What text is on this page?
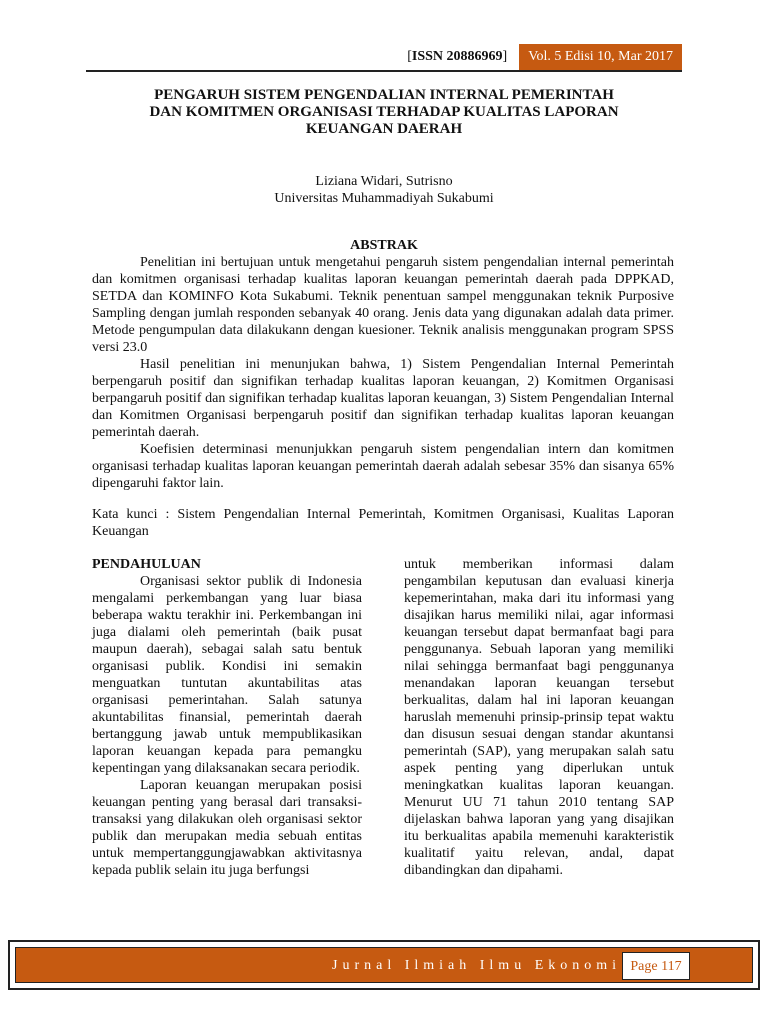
[ISSN 20886969]	Vol. 5 Edisi 10, Mar 2017
PENGARUH SISTEM PENGENDALIAN INTERNAL PEMERINTAH
DAN KOMITMEN ORGANISASI TERHADAP KUALITAS LAPORAN
KEUANGAN DAERAH
Liziana Widari, Sutrisno
Universitas Muhammadiyah Sukabumi
ABSTRAK

Penelitian ini bertujuan untuk mengetahui pengaruh sistem pengendalian internal pemerintah dan komitmen organisasi terhadap kualitas laporan keuangan pemerintah daerah pada DPPKAD, SETDA dan KOMINFO Kota Sukabumi. Teknik penentuan sampel menggunakan teknik Purposive Sampling dengan jumlah responden sebanyak 40 orang. Jenis data yang digunakan adalah data primer. Metode pengumpulan data dilakukann dengan kuesioner. Teknik analisis menggunakan program SPSS versi 23.0

Hasil penelitian ini menunjukan bahwa, 1) Sistem Pengendalian Internal Pemerintah berpengaruh positif dan signifikan terhadap kualitas laporan keuangan, 2) Komitmen Organisasi berpangaruh positif dan signifikan terhadap kualitas laporan keuangan, 3) Sistem Pengendalian Internal dan Komitmen Organisasi berpengaruh positif dan signifikan terhadap kualitas laporan keuangan pemerintah daerah.

Koefisien determinasi menunjukkan pengaruh sistem pengendalian intern dan komitmen organisasi terhadap kualitas laporan keuangan pemerintah daerah adalah sebesar 35% dan sisanya 65% dipengaruhi faktor lain.

Kata kunci : Sistem Pengendalian Internal Pemerintah, Komitmen Organisasi, Kualitas Laporan Keuangan

PENDAHULUAN

Organisasi sektor publik di Indonesia mengalami perkembangan yang luar biasa beberapa waktu terakhir ini. Perkembangan ini juga dialami oleh pemerintah (baik pusat maupun daerah), sebagai salah satu bentuk organisasi publik. Kondisi ini semakin menguatkan tuntutan akuntabilitas atas organisasi pemerintahan. Salah satunya akuntabilitas finansial, pemerintah daerah bertanggung jawab untuk mempublikasikan laporan keuangan kepada para pemangku kepentingan yang dilaksanakan secara periodik.

Laporan keuangan merupakan posisi keuangan penting yang berasal dari transaksi-transaksi yang dilakukan oleh organisasi sektor publik dan merupakan media sebuah entitas untuk mempertanggungjawabkan aktivitasnya kepada publik selain itu juga berfungsi

untuk memberikan informasi dalam pengambilan keputusan dan evaluasi kinerja kepemerintahan, maka dari itu informasi yang disajikan harus memiliki nilai, agar informasi keuangan tersebut dapat bermanfaat bagi para penggunanya. Sebuah laporan yang memiliki nilai sehingga bermanfaat bagi penggunanya menandakan laporan keuangan tersebut berkualitas, dalam hal ini laporan keuangan haruslah memenuhi prinsip-prinsip tepat waktu dan disusun sesuai dengan standar akuntansi pemerintah (SAP), yang merupakan salah satu aspek penting yang diperlukan untuk meningkatkan kualitas laporan keuangan. Menurut UU 71 tahun 2010 tentang SAP dijelaskan bahwa laporan yang yang disajikan itu berkualitas apabila memenuhi karakteristik kualitatif yaitu relevan, andal, dapat dibandingkan dan dipahami.

Jurnal Ilmiah Ilmu Ekonomi Page 117
